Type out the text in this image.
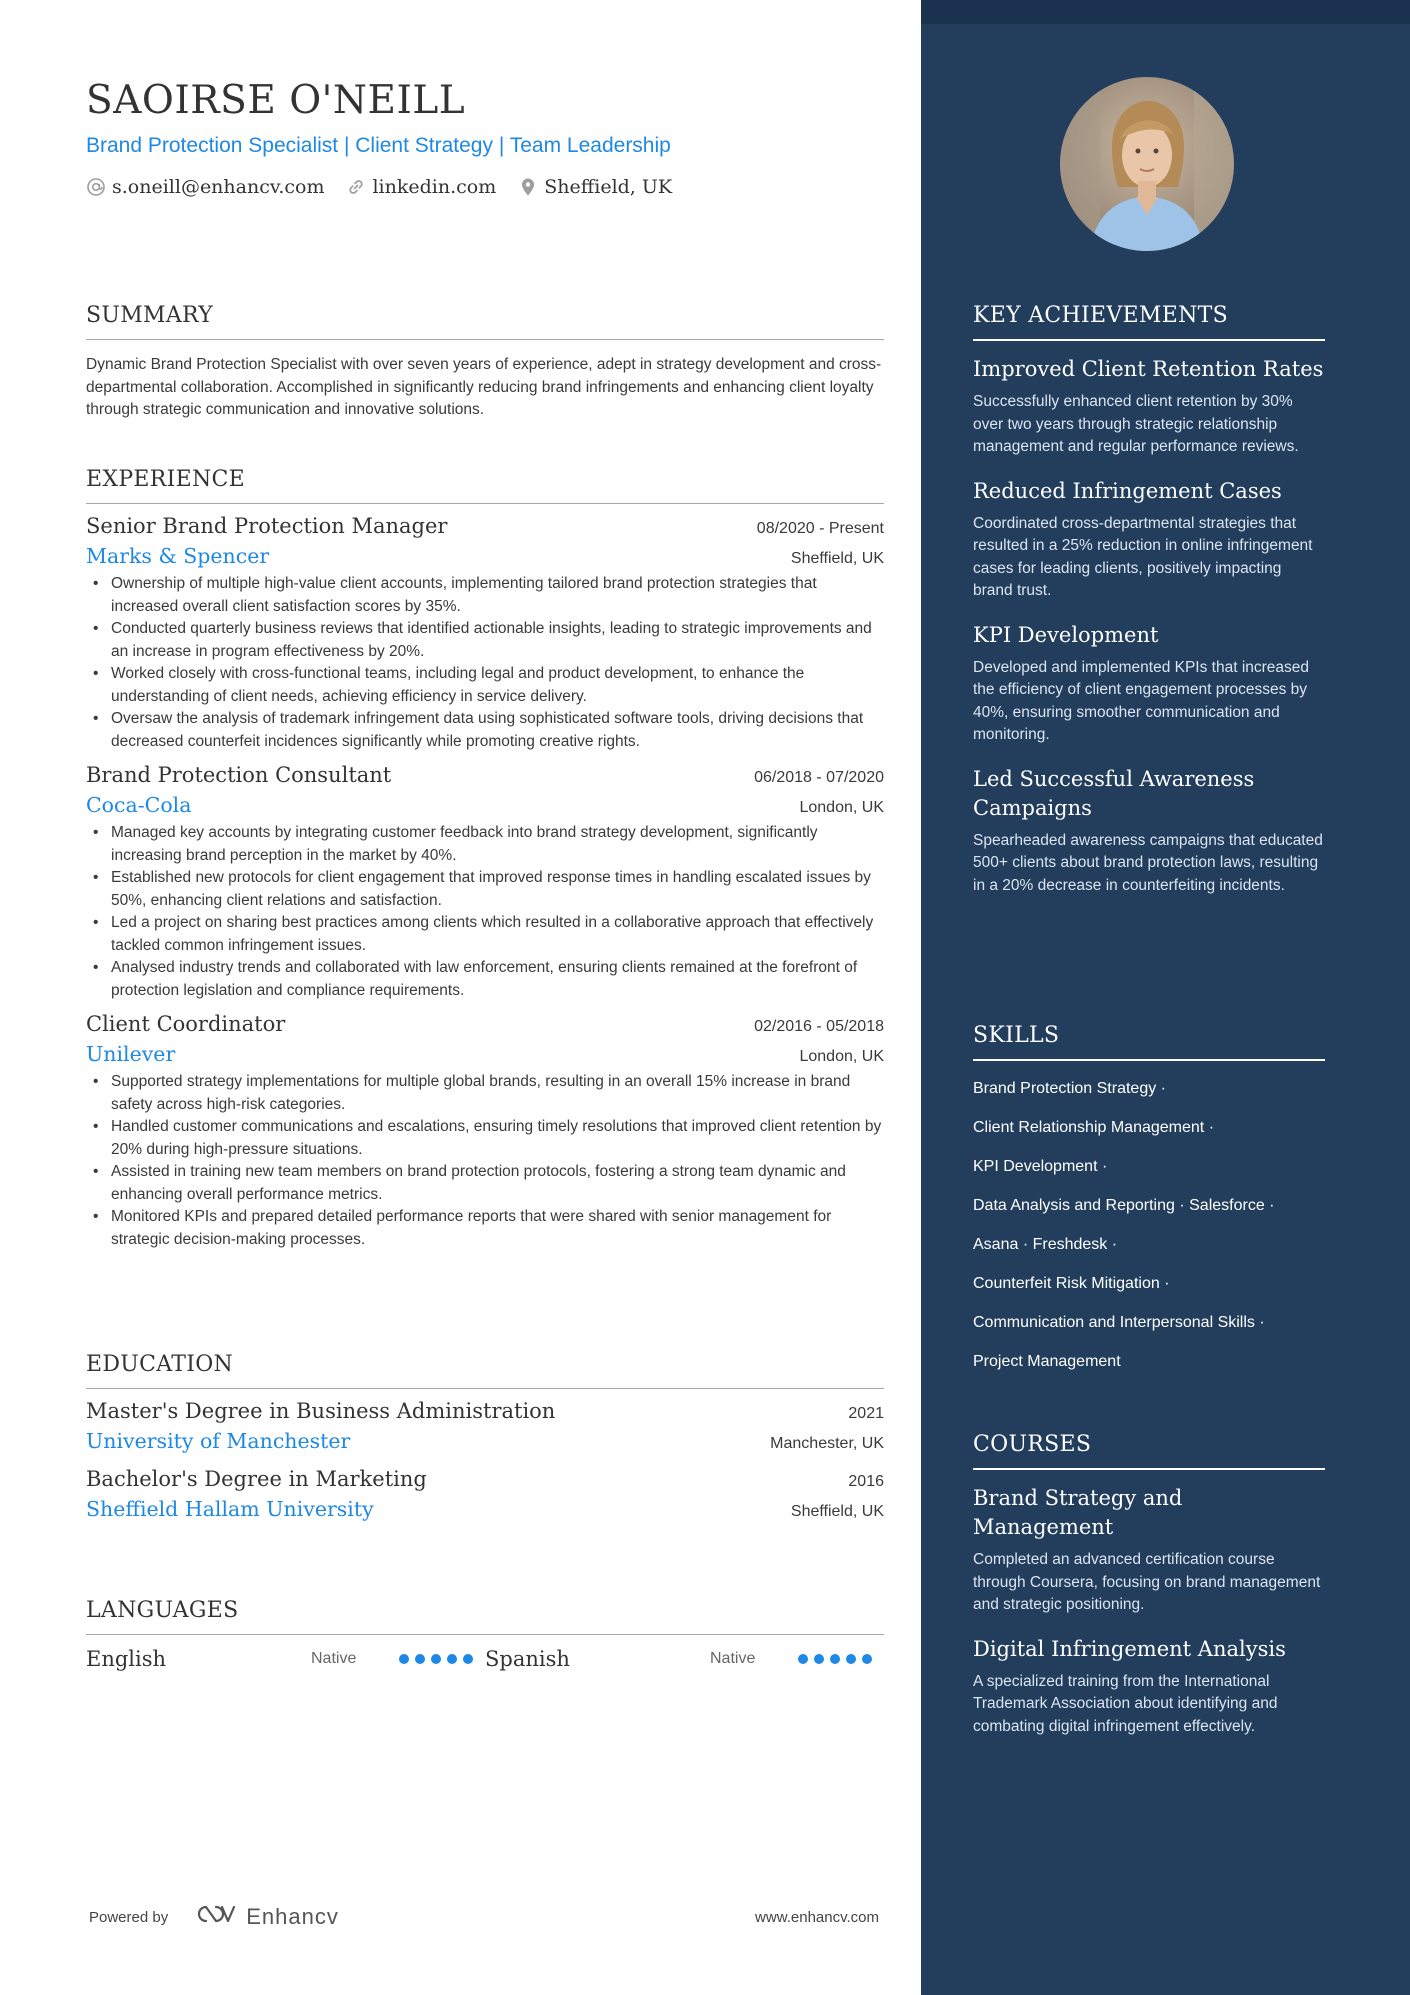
SAOIRSE O'NEILL
Brand Protection Specialist | Client Strategy | Team Leadership
s.oneill@enhancv.com	linkedin.com	Sheffield, UK
SUMMARY

Dynamic Brand Protection Specialist with over seven years of experience, adept in strategy development and cross-departmental collaboration. Accomplished in significantly reducing brand infringements and enhancing client loyalty through strategic communication and innovative solutions.

EXPERIENCE
Senior Brand Protection Manager	08/2020 - Present
Marks & Spencer	Sheffield, UK
• Ownership of multiple high-value client accounts, implementing tailored brand protection strategies that increased overall client satisfaction scores by 35%.
• Conducted quarterly business reviews that identified actionable insights, leading to strategic improvements and an increase in program effectiveness by 20%.
• Worked closely with cross-functional teams, including legal and product development, to enhance the understanding of client needs, achieving efficiency in service delivery.
• Oversaw the analysis of trademark infringement data using sophisticated software tools, driving decisions that decreased counterfeit incidences significantly while promoting creative rights.
Brand Protection Consultant	06/2018 - 07/2020
Coca-Cola	London, UK
• Managed key accounts by integrating customer feedback into brand strategy development, significantly increasing brand perception in the market by 40%.
• Established new protocols for client engagement that improved response times in handling escalated issues by 50%, enhancing client relations and satisfaction.
• Led a project on sharing best practices among clients which resulted in a collaborative approach that effectively tackled common infringement issues.
• Analysed industry trends and collaborated with law enforcement, ensuring clients remained at the forefront of protection legislation and compliance requirements.
Client Coordinator	02/2016 - 05/2018
Unilever	London, UK
• Supported strategy implementations for multiple global brands, resulting in an overall 15% increase in brand safety across high-risk categories.
• Handled customer communications and escalations, ensuring timely resolutions that improved client retention by 20% during high-pressure situations.
• Assisted in training new team members on brand protection protocols, fostering a strong team dynamic and enhancing overall performance metrics.
• Monitored KPIs and prepared detailed performance reports that were shared with senior management for strategic decision-making processes.
EDUCATION
Master's Degree in Business Administration	2021
University of Manchester	Manchester, UK
Bachelor's Degree in Marketing	2016
Sheffield Hallam University	Sheffield, UK
LANGUAGES
English	Native	Spanish	Native
Powered by	Enhancv	www.enhancv.com
KEY ACHIEVEMENTS
Improved Client Retention Rates
Successfully enhanced client retention by 30% over two years through strategic relationship management and regular performance reviews.
Reduced Infringement Cases
Coordinated cross-departmental strategies that resulted in a 25% reduction in online infringement cases for leading clients, positively impacting brand trust.
KPI Development
Developed and implemented KPIs that increased the efficiency of client engagement processes by 40%, ensuring smoother communication and monitoring.
Led Successful Awareness Campaigns
Spearheaded awareness campaigns that educated 500+ clients about brand protection laws, resulting in a 20% decrease in counterfeiting incidents.
SKILLS
Brand Protection Strategy ·
Client Relationship Management ·
KPI Development ·
Data Analysis and Reporting · Salesforce ·
Asana · Freshdesk ·
Counterfeit Risk Mitigation ·
Communication and Interpersonal Skills ·
Project Management
COURSES
Brand Strategy and Management
Completed an advanced certification course through Coursera, focusing on brand management and strategic positioning.
Digital Infringement Analysis
A specialized training from the International Trademark Association about identifying and combating digital infringement effectively.
